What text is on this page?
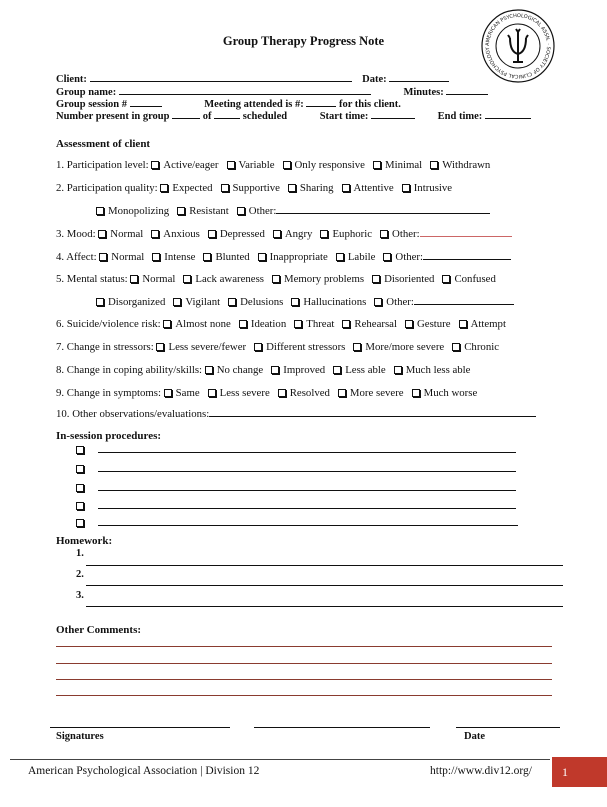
Group Therapy Progress Note	AMERICAN PSYCHOLOGICAL ASSN. · SOCIETY OF CLINICAL PSYCHOLOGY
Client:	Date:
Group name:	Minutes:
Group session #	Meeting attended is #:	for this client.
Number present in group	of	scheduled	Start time:	End time:
Assessment of client
1. Participation level: Active/eager Variable Only responsive Minimal Withdrawn
2. Participation quality: Expected Supportive Sharing Attentive Intrusive
Monopolizing Resistant Other:
3. Mood: Normal Anxious Depressed Angry Euphoric Other:
4. Affect: Normal Intense Blunted Inappropriate Labile Other:
5. Mental status: Normal Lack awareness Memory problems Disoriented Confused
Disorganized Vigilant Delusions Hallucinations Other:
6. Suicide/violence risk: Almost none Ideation Threat Rehearsal Gesture Attempt
7. Change in stressors: Less severe/fewer Different stressors More/more severe Chronic
8. Change in coping ability/skills: No change Improved Less able Much less able
9. Change in symptoms: Same Less severe Resolved More severe Much worse
10. Other observations/evaluations:
In-session procedures:
Homework:
1.
2.
3.
Other Comments:
Signatures	Date
American Psychological Association | Division 12	http://www.div12.org/	1
